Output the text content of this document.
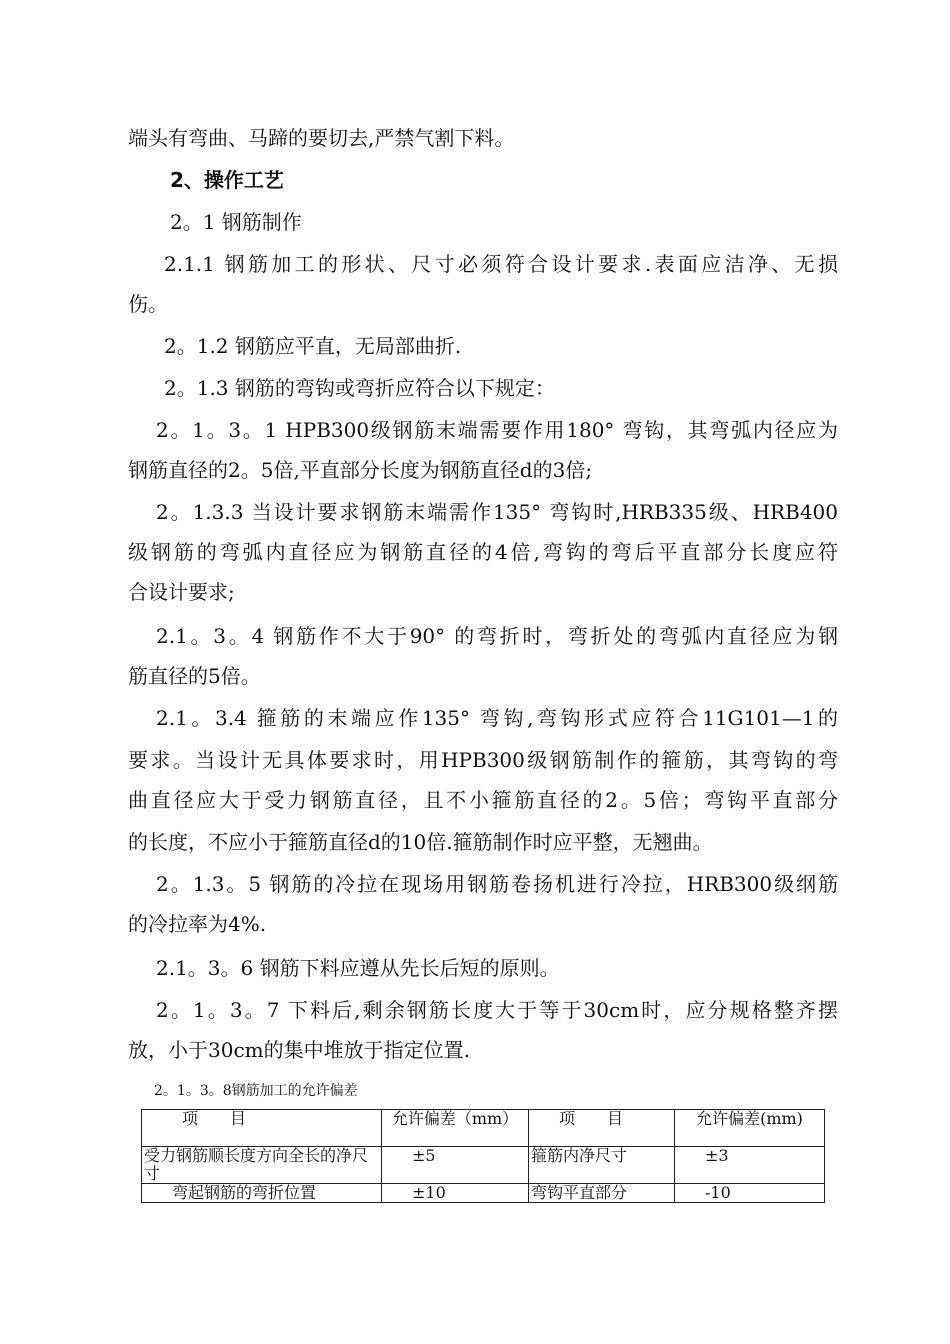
端头有弯曲、马蹄的要切去,严禁气割下料。
2、操作工艺
2。1 钢筋制作
2.1.1 钢筋加工的形状、尺寸必须符合设计要求.表面应洁净、无损
伤。
2。1.2 钢筋应平直，无局部曲折.
2。1.3 钢筋的弯钩或弯折应符合以下规定：
2。1。3。1 HPB300级钢筋末端需要作用180° 弯钩，其弯弧内径应为
钢筋直径的2。5倍,平直部分长度为钢筋直径d的3倍;
2。1.3.3 当设计要求钢筋末端需作135° 弯钩时,HRB335级、HRB400
级钢筋的弯弧内直径应为钢筋直径的4倍,弯钩的弯后平直部分长度应符
合设计要求;
2.1。3。4 钢筋作不大于90° 的弯折时，弯折处的弯弧内直径应为钢
筋直径的5倍。
2.1。3.4 箍筋的末端应作135° 弯钩,弯钩形式应符合11G101—1的
要求。当设计无具体要求时，用HPB300级钢筋制作的箍筋，其弯钩的弯
曲直径应大于受力钢筋直径，且不小箍筋直径的2。5倍；弯钩平直部分
的长度，不应小于箍筋直径d的10倍.箍筋制作时应平整，无翘曲。
2。1.3。5 钢筋的冷拉在现场用钢筋卷扬机进行冷拉，HRB300级纲筋
的冷拉率为4%.
2.1。3。6 钢筋下料应遵从先长后短的原则。
2。1。3。7 下料后,剩余钢筋长度大于等于30cm时，应分规格整齐摆
放，小于30cm的集中堆放于指定位置.
2。1。3。8钢筋加工的允许偏差
项　　目	允许偏差（mm）	项　　目	允许偏差(mm)
受力钢筋顺长度方向全长的净尺寸	±5	箍筋内净尺寸	±3
弯起钢筋的弯折位置	±10	弯钩平直部分	-10
